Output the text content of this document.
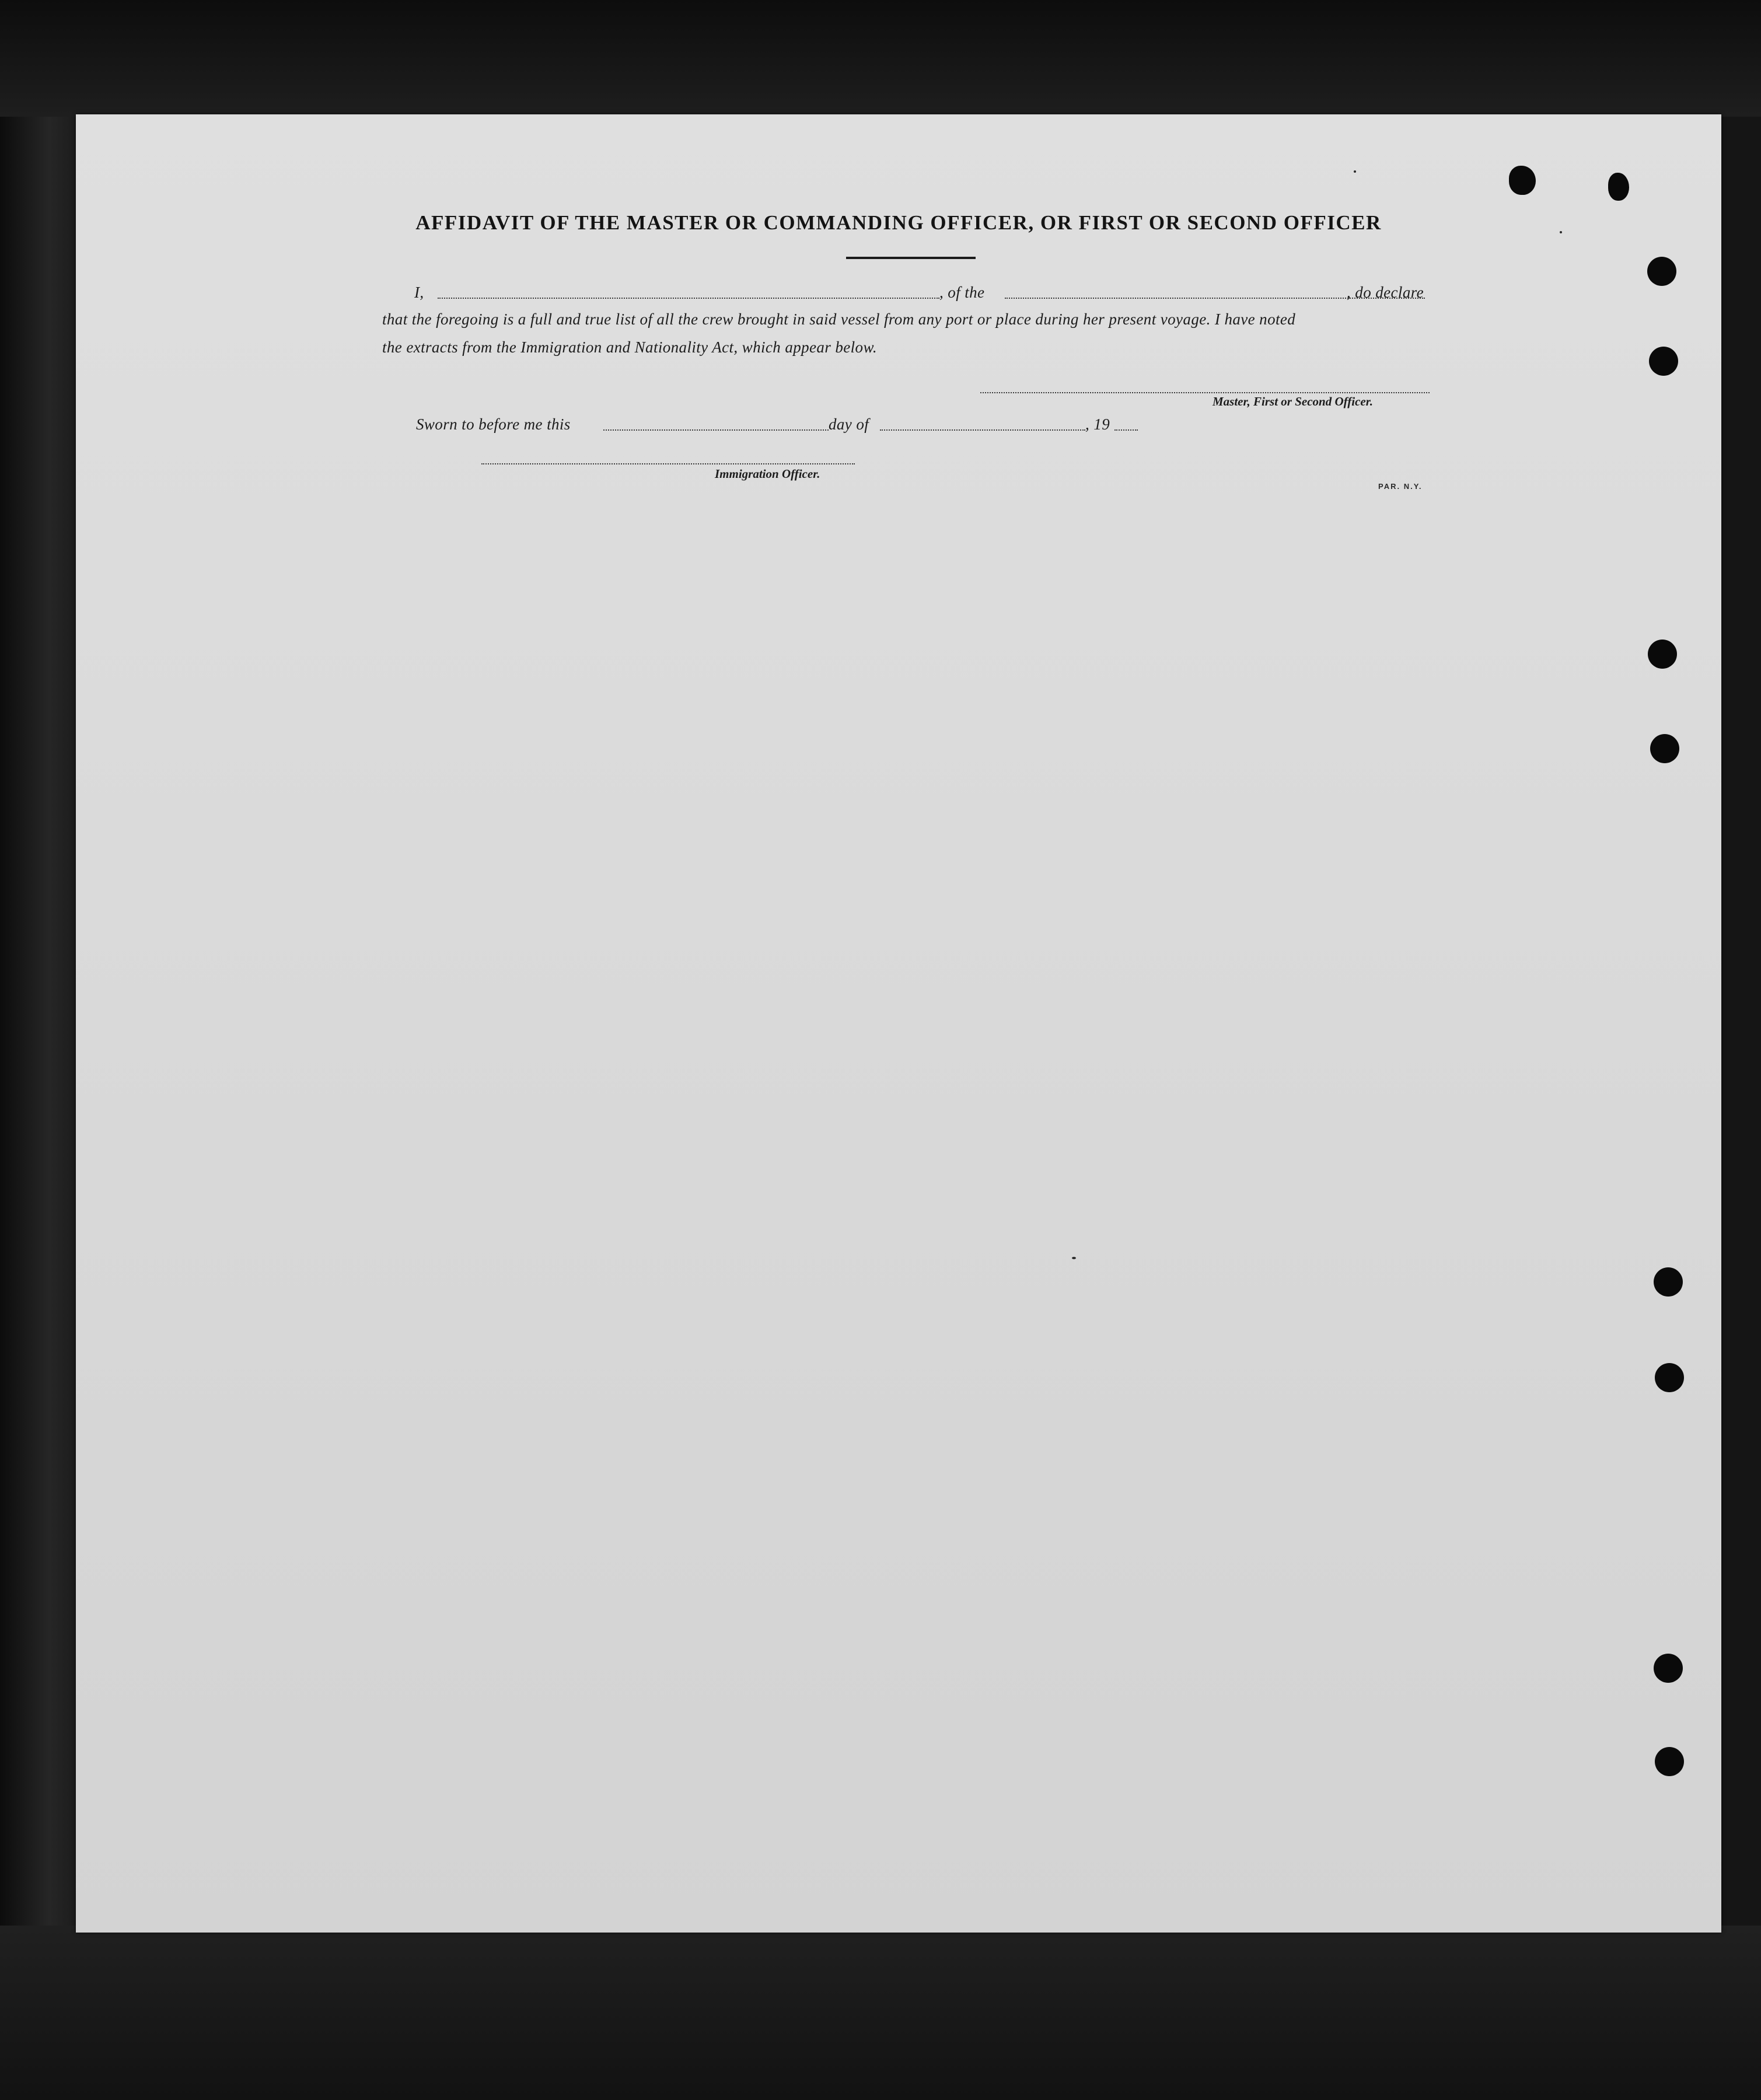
AFFIDAVIT OF THE MASTER OR COMMANDING OFFICER, OR FIRST OR SECOND OFFICER
I,	, of the	, do declare
that the foregoing is a full and true list of all the crew brought in said vessel from any port or place during her present voyage. I have noted
the extracts from the Immigration and Nationality Act, which appear below.
Master, First or Second Officer.
Sworn to before me this	day of	, 19
Immigration Officer.
PAR. N.Y.
